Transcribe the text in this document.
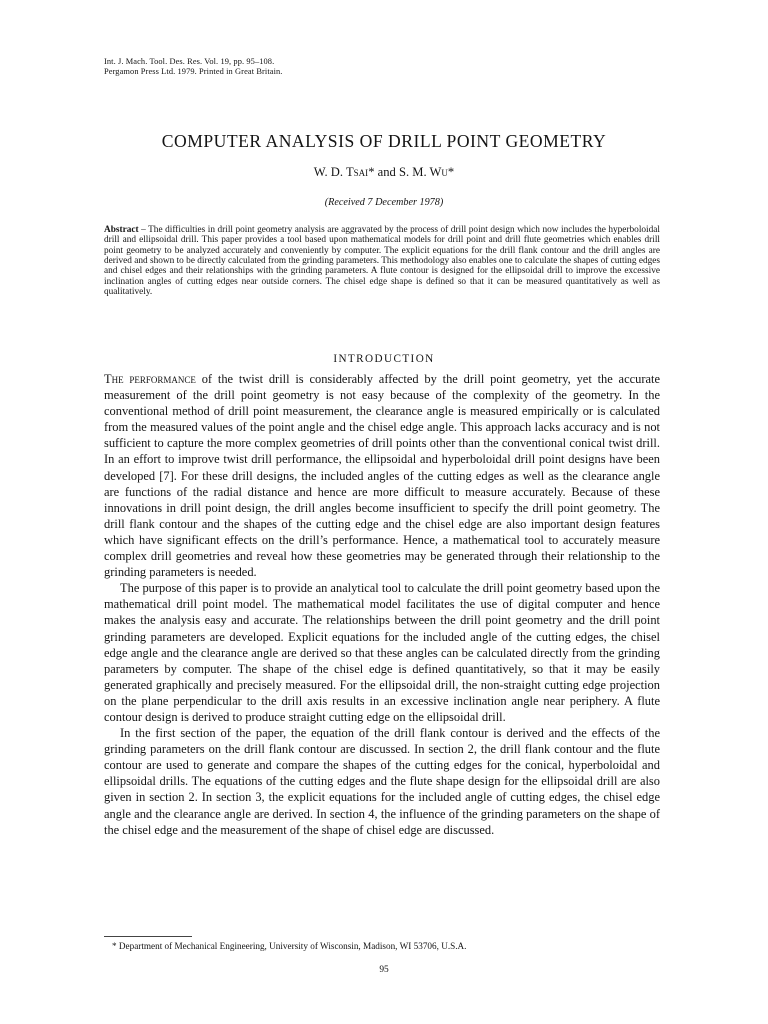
Int. J. Mach. Tool. Des. Res. Vol. 19, pp. 95–108.
Pergamon Press Ltd. 1979. Printed in Great Britain.
COMPUTER ANALYSIS OF DRILL POINT GEOMETRY
W. D. Tsai* and S. M. Wu*
(Received 7 December 1978)
Abstract – The difficulties in drill point geometry analysis are aggravated by the process of drill point design which now includes the hyperboloidal drill and ellipsoidal drill. This paper provides a tool based upon mathematical models for drill point and drill flute geometries which enables drill point geometry to be analyzed accurately and conveniently by computer. The explicit equations for the drill flank contour and the drill angles are derived and shown to be directly calculated from the grinding parameters. This methodology also enables one to calculate the shapes of cutting edges and chisel edges and their relationships with the grinding parameters. A flute contour is designed for the ellipsoidal drill to improve the excessive inclination angles of cutting edges near outside corners. The chisel edge shape is defined so that it can be measured quantitatively as well as qualitatively.
INTRODUCTION

The performance of the twist drill is considerably affected by the drill point geometry, yet the accurate measurement of the drill point geometry is not easy because of the complexity of the geometry. In the conventional method of drill point measurement, the clearance angle is measured empirically or is calculated from the measured values of the point angle and the chisel edge angle. This approach lacks accuracy and is not sufficient to capture the more complex geometries of drill points other than the conventional conical twist drill. In an effort to improve twist drill performance, the ellipsoidal and hyperboloidal drill point designs have been developed [7]. For these drill designs, the included angles of the cutting edges as well as the clearance angle are functions of the radial distance and hence are more difficult to measure accurately. Because of these innovations in drill point design, the drill angles become insufficient to specify the drill point geometry. The drill flank contour and the shapes of the cutting edge and the chisel edge are also important design features which have significant effects on the drill’s performance. Hence, a mathematical tool to accurately measure complex drill geometries and reveal how these geometries may be generated through their relationship to the grinding parameters is needed.

The purpose of this paper is to provide an analytical tool to calculate the drill point geometry based upon the mathematical drill point model. The mathematical model facilitates the use of digital computer and hence makes the analysis easy and accurate. The relationships between the drill point geometry and the drill point grinding parameters are developed. Explicit equations for the included angle of the cutting edges, the chisel edge angle and the clearance angle are derived so that these angles can be calculated directly from the grinding parameters by computer. The shape of the chisel edge is defined quantitatively, so that it may be easily generated graphically and precisely measured. For the ellipsoidal drill, the non-straight cutting edge projection on the plane perpendicular to the drill axis results in an excessive inclination angle near periphery. A flute contour design is derived to produce straight cutting edge on the ellipsoidal drill.

In the first section of the paper, the equation of the drill flank contour is derived and the effects of the grinding parameters on the drill flank contour are discussed. In section 2, the drill flank contour and the flute contour are used to generate and compare the shapes of the cutting edges for the conical, hyperboloidal and ellipsoidal drills. The equations of the cutting edges and the flute shape design for the ellipsoidal drill are also given in section 2. In section 3, the explicit equations for the included angle of cutting edges, the chisel edge angle and the clearance angle are derived. In section 4, the influence of the grinding parameters on the shape of the chisel edge and the measurement of the shape of chisel edge are discussed.

* Department of Mechanical Engineering, University of Wisconsin, Madison, WI 53706, U.S.A.
95
